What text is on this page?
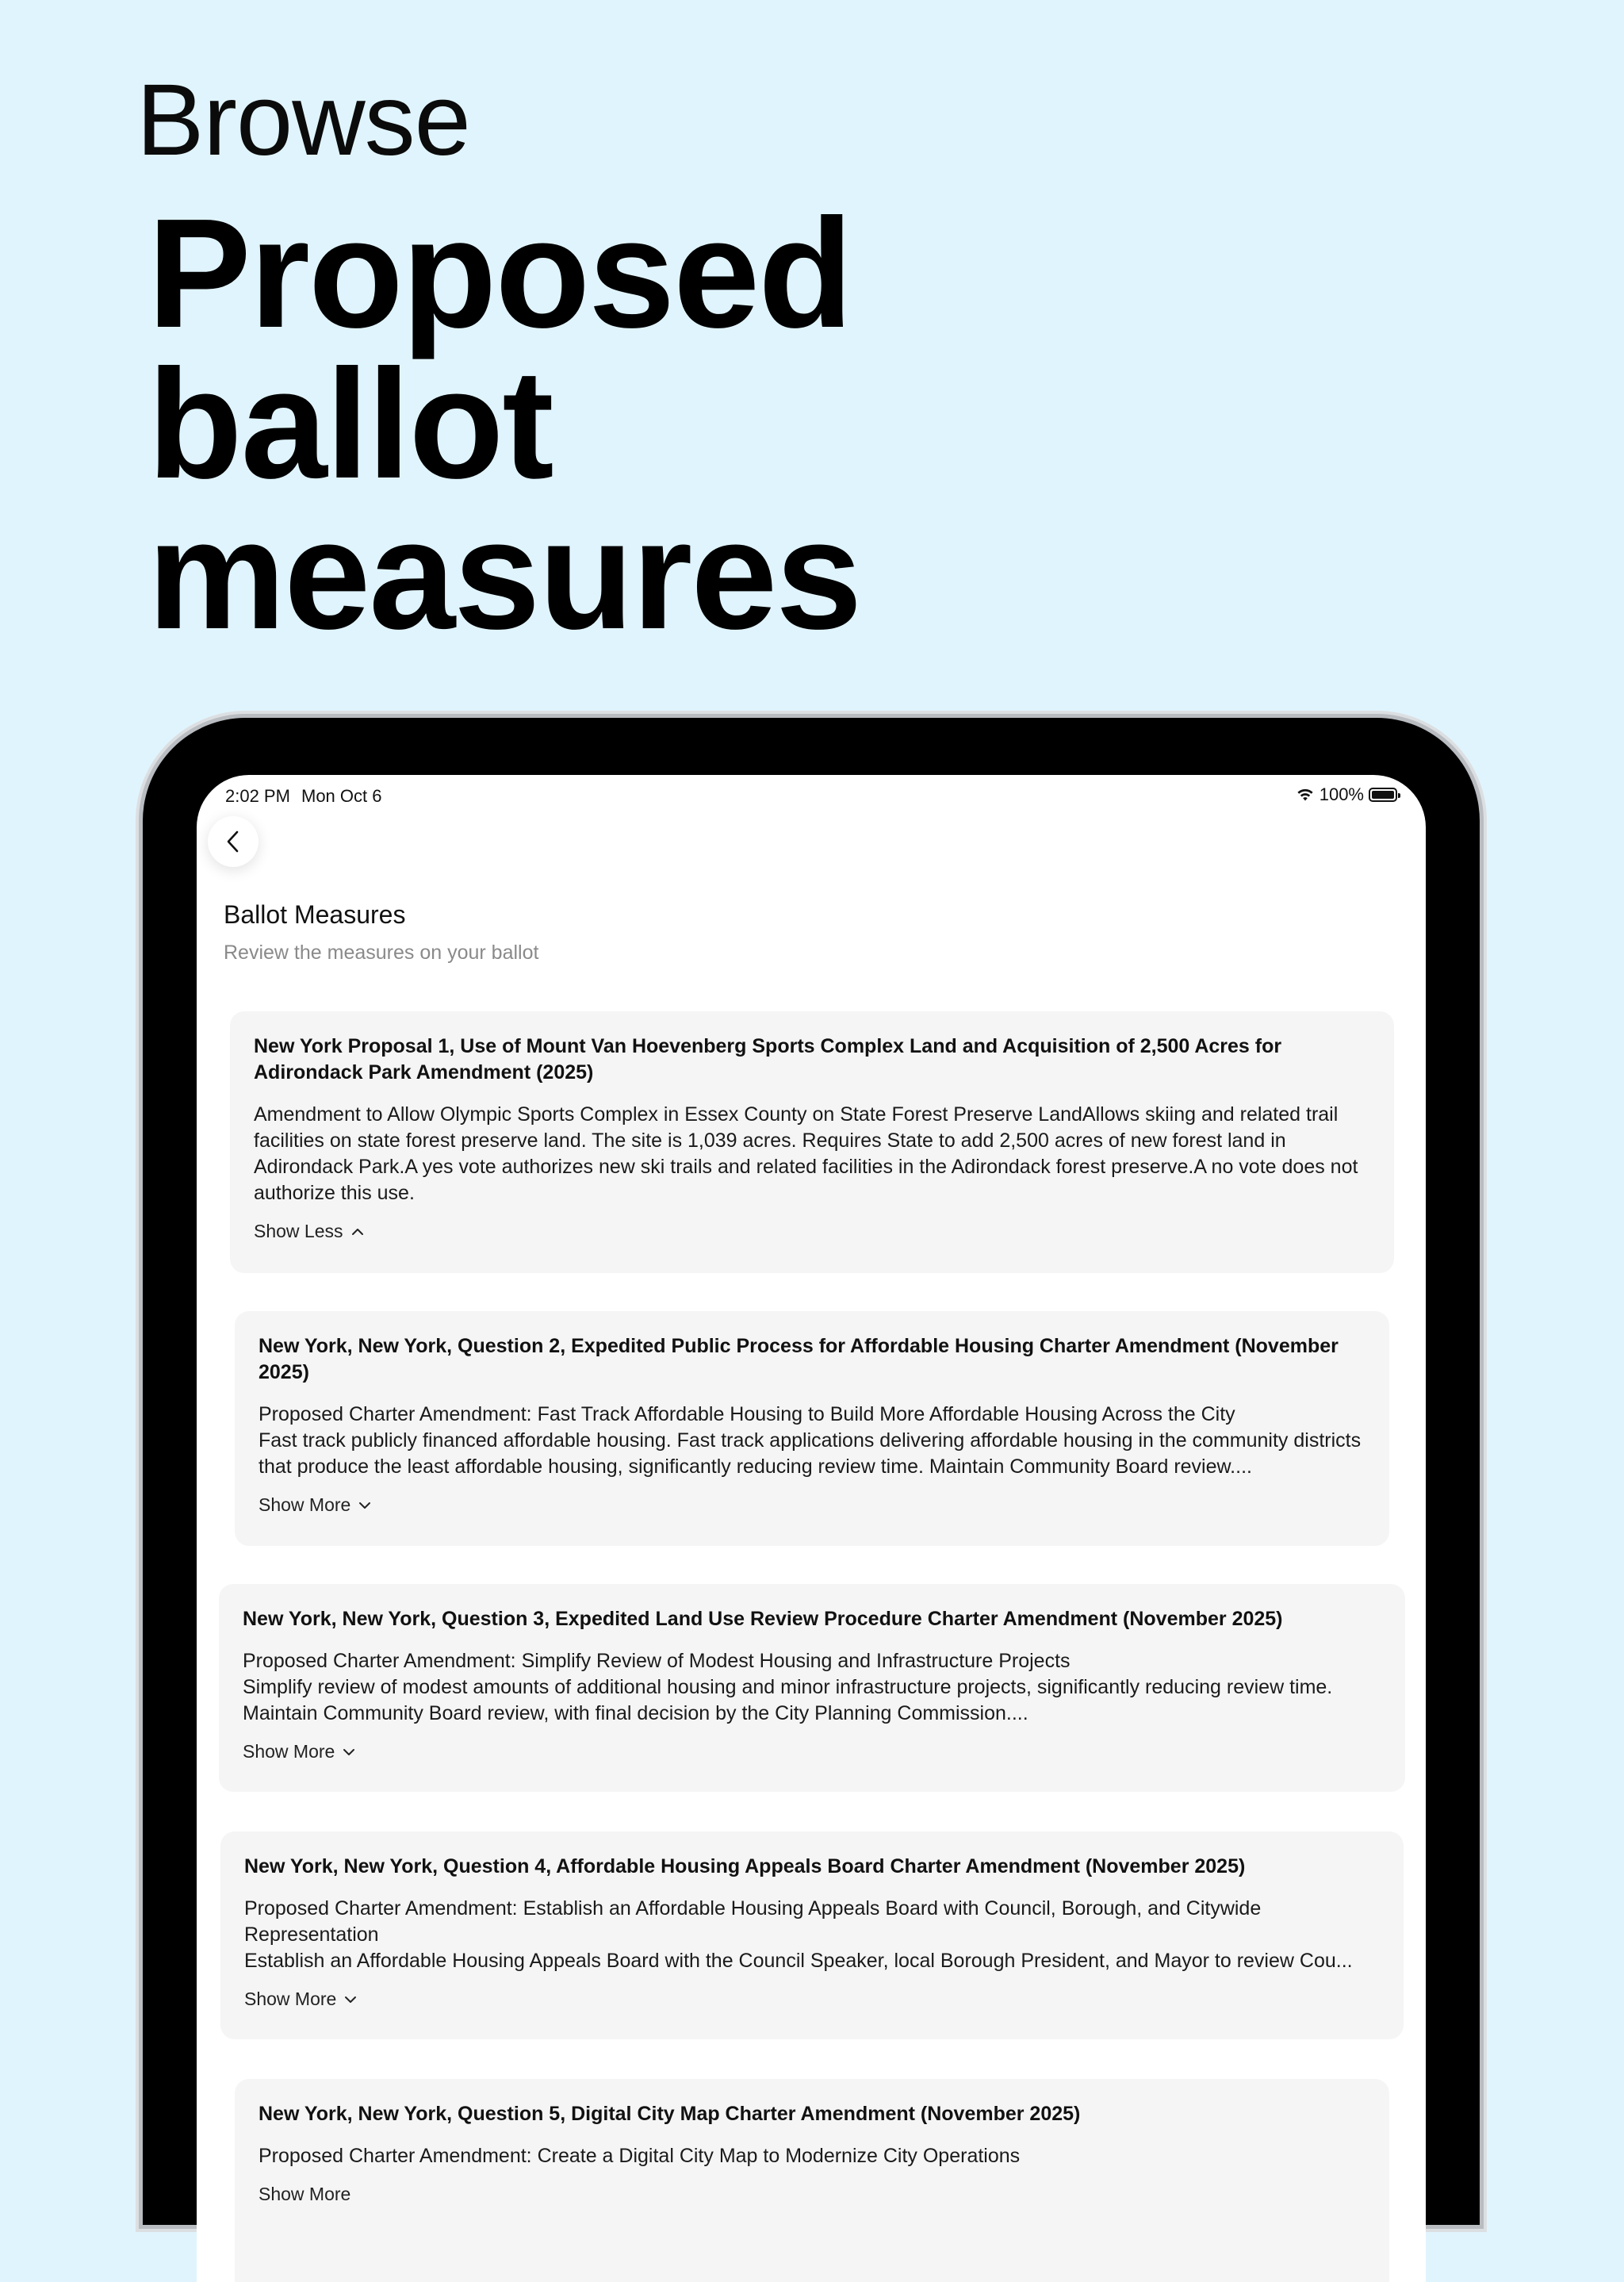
Browse
Proposed
ballot
measures
2:02 PM Mon Oct 6	100%
Ballot Measures
Review the measures on your ballot

New York Proposal 1, Use of Mount Van Hoevenberg Sports Complex Land and Acquisition of 2,500 Acres for Adirondack Park Amendment (2025)

Amendment to Allow Olympic Sports Complex in Essex County on State Forest Preserve LandAllows skiing and related trail facilities on state forest preserve land. The site is 1,039 acres. Requires State to add 2,500 acres of new forest land in Adirondack Park.A yes vote authorizes new ski trails and related facilities in the Adirondack forest preserve.A no vote does not authorize this use.

Show Less

New York, New York, Question 2, Expedited Public Process for Affordable Housing Charter Amendment (November 2025)

Proposed Charter Amendment: Fast Track Affordable Housing to Build More Affordable Housing Across the City
Fast track publicly financed affordable housing. Fast track applications delivering affordable housing in the community districts that produce the least affordable housing, significantly reducing review time. Maintain Community Board review....

Show More

New York, New York, Question 3, Expedited Land Use Review Procedure Charter Amendment (November 2025)

Proposed Charter Amendment: Simplify Review of Modest Housing and Infrastructure Projects
Simplify review of modest amounts of additional housing and minor infrastructure projects, significantly reducing review time. Maintain Community Board review, with final decision by the City Planning Commission....

Show More

New York, New York, Question 4, Affordable Housing Appeals Board Charter Amendment (November 2025)

Proposed Charter Amendment: Establish an Affordable Housing Appeals Board with Council, Borough, and Citywide Representation
Establish an Affordable Housing Appeals Board with the Council Speaker, local Borough President, and Mayor to review Cou...

Show More

New York, New York, Question 5, Digital City Map Charter Amendment (November 2025)

Proposed Charter Amendment: Create a Digital City Map to Modernize City Operations

Show More
